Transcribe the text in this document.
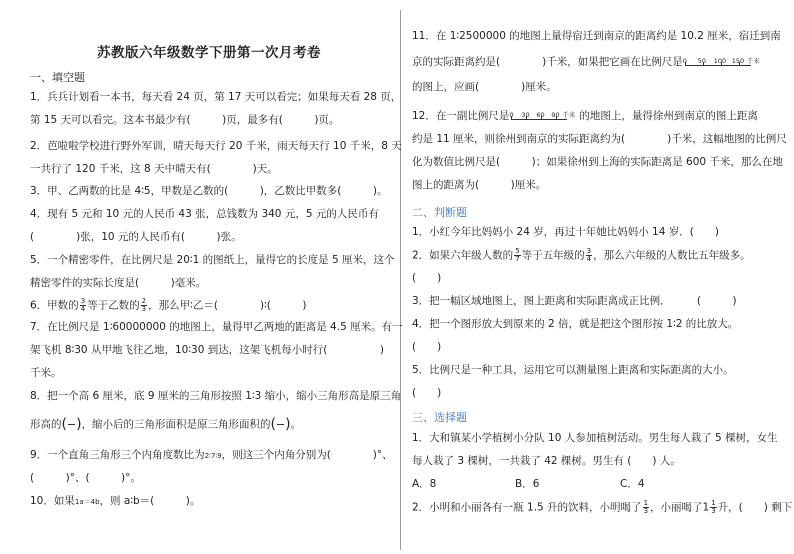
苏教版六年级数学下册第一次月考卷
一、填空题
1．兵兵计划看一本书，每天看 24 页，第 17 天可以看完；如果每天看 28 页，
第 15 天可以看完。这本书最少有(　　　)页，最多有(　　　)页。
2．芭啦啦学校进行野外军训，晴天每天行 20 千米，雨天每天行 10 千米，8 天
一共行了 120 千米，这 8 天中晴天有(　　　　)天。
3．甲、乙两数的比是 4∶5，甲数是乙数的(　　　)，乙数比甲数多(　　　)。
4．现有 5 元和 10 元的人民币 43 张，总钱数为 340 元，5 元的人民币有
(　　　　)张，10 元的人民币有(　　　)张。
5．一个精密零件，在比例尺是 20∶1 的图纸上，量得它的长度是 5 厘米，这个
精密零件的实际长度是(　　　)毫米。
6．甲数的 $\frac{3}{4}$ 等于乙数的 $\frac{2}{3}$ ，那么甲∶乙＝(　　　　)∶(　　　)
7．在比例尺是 1∶60000000 的地图上，量得甲乙两地的距离是 4.5 厘米。有一
架飞机 8∶30 从甲地飞往乙地，10∶30 到达，这架飞机每小时行(　　　　　)
千米。
8．把一个高 6 厘米，底 9 厘米的三角形按照 1∶3 缩小，缩小三角形高是原三角
形高的(

)，缩小后的三角形面积是原三角形面积的(

)。
9．一个直角三角形三个内角度数比为2∶7∶9，则这三个内角分别为(　　　　)°、
(　　　)°、(　　　)°。
10．如果1a＝4b，则 a∶b＝(　　　)。
11．在 1∶2500000 的地图上量得宿迁到南京的距离约是 10.2 厘米，宿迁到南
京的实际距离约是(　　　　)千米，如果把它画在比例尺是 0 50 100 150 千米
的图上，应画(　　　　)厘米。
12．在一副比例尺是 0 30 60 90 千米 的地图上，量得徐州到南京的图上距离
约是 11 厘米，则徐州到南京的实际距离约为(　　　　)千米，这幅地图的比例尺
化为数值比例尺是(　　　)；如果徐州到上海的实际距离是 600 千米，那么在地
图上的距离为(　　　)厘米。
二、判断题
1．小红今年比妈妈小 24 岁，再过十年她比妈妈小 14 岁．(　　)
2．如果六年级人数的 $\frac{5}{7}$ 等于五年级的 $\frac{3}{4}$ ，那么六年级的人数比五年级多。
(　　)
3．把一幅区域地图上，图上距离和实际距离成正比例．　　　(　　　)
4．把一个图形放大到原来的 2 倍，就是把这个图形按 1∶2 的比放大。
(　　)
5．比例尺是一种工具，运用它可以测量图上距离和实际距离的大小。
(　　)
三、选择题
1．大和镇某小学植树小分队 10 人参加植树活动。男生每人栽了 5 棵树，女生
每人栽了 3 棵树，一共栽了 42 棵树。男生有 (　　) 人。
A．8	B．6	C．4
2．小明和小丽各有一瓶 1.5 升的饮料，小明喝了 $\frac{1}{3}$ ，小丽喝了$1 \frac{1}{3}$ 升，(　　) 剩下
